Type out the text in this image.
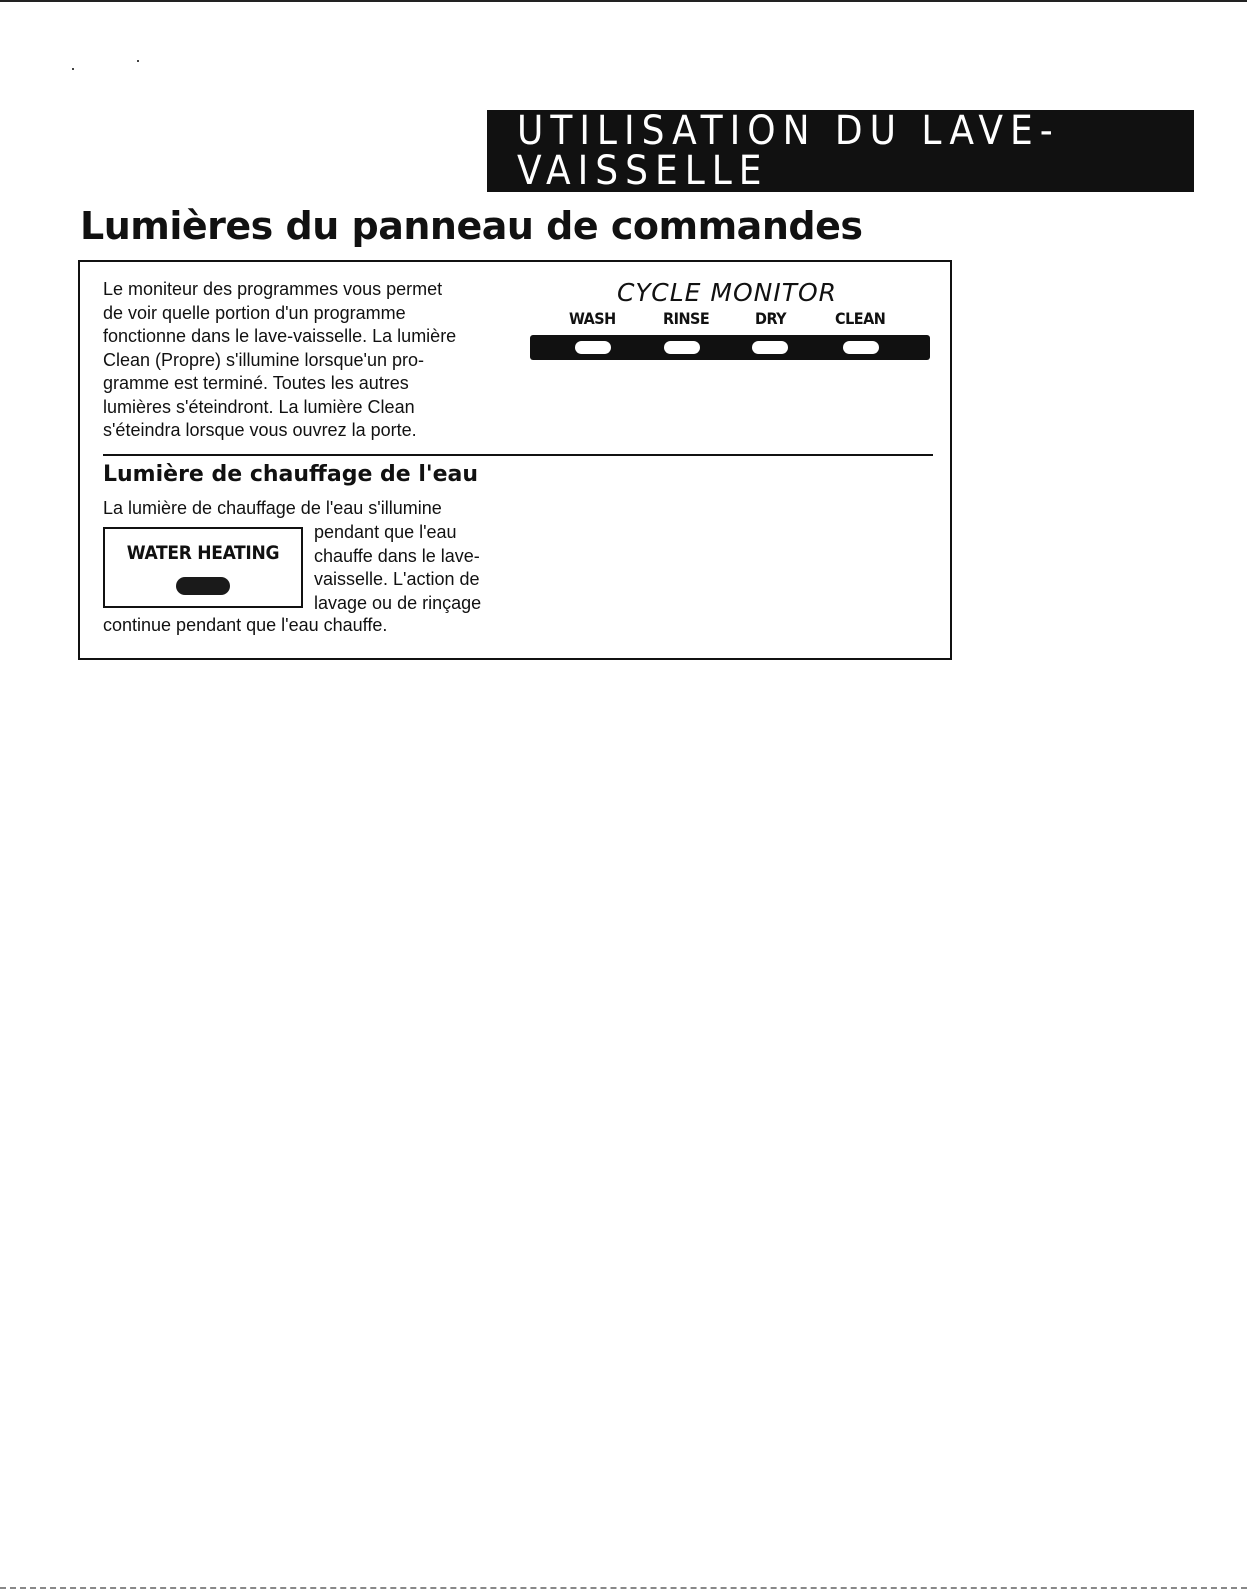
UTILISATION DU LAVE-VAISSELLE
Lumières du panneau de commandes
Le moniteur des programmes vous permet
de voir quelle portion d'un programme
fonctionne dans le lave-vaisselle. La lumière
Clean (Propre) s'illumine lorsque'un pro-
gramme est terminé. Toutes les autres
lumières s'éteindront. La lumière Clean
s'éteindra lorsque vous ouvrez la porte.
CYCLE MONITOR
WASH	RINSE	DRY	CLEAN
Lumière de chauffage de l'eau
La lumière de chauffage de l'eau s'illumine
WATER HEATING
pendant que l'eau
chauffe dans le lave-
vaisselle. L'action de
lavage ou de rinçage
continue pendant que l'eau chauffe.
